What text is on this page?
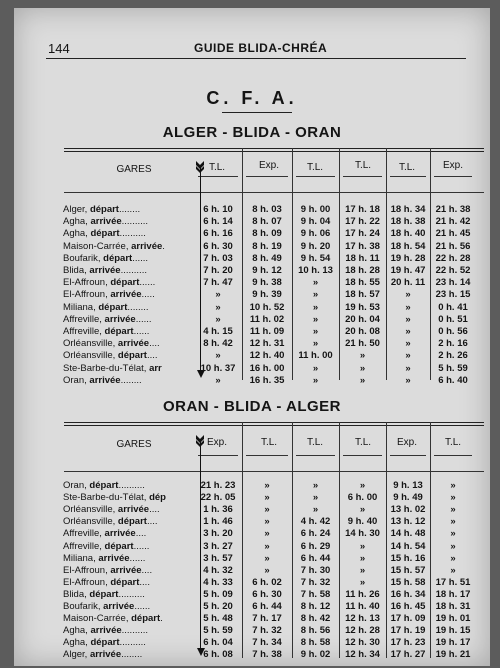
144	GUIDE BLIDA-CHRÉA
C. F. A.
ALGER - BLIDA - ORAN
GARES	T.L.	Exp.	T.L.	T.L.	T.L.	Exp.
Alger, départ........	6 h. 10	8 h. 03	9 h. 00	17 h. 18	18 h. 34	21 h. 38
Agha, arrivée..........	6 h. 14	8 h. 07	9 h. 04	17 h. 22	18 h. 38	21 h. 42
Agha, départ..........	6 h. 16	8 h. 09	9 h. 06	17 h. 24	18 h. 40	21 h. 45
Maison-Carrée, arrivée.	6 h. 30	8 h. 19	9 h. 20	17 h. 38	18 h. 54	21 h. 56
Boufarik, départ......	7 h. 03	8 h. 49	9 h. 54	18 h. 11	19 h. 28	22 h. 28
Blida, arrivée..........	7 h. 20	9 h. 12	10 h. 13	18 h. 28	19 h. 47	22 h. 52
El-Affroun, départ......	7 h. 47	9 h. 38	»	18 h. 55	20 h. 11	23 h. 14
El-Affroun, arrivée.....	»	9 h. 39	»	18 h. 57	»	23 h. 15
Miliana, départ........	»	10 h. 52	»	19 h. 53	»	0 h. 41
Affreville, arrivée......	»	11 h. 02	»	20 h. 04	»	0 h. 51
Affreville, départ......	4 h. 15	11 h. 09	»	20 h. 08	»	0 h. 56
Orléansville, arrivée....	8 h. 42	12 h. 31	»	21 h. 50	»	2 h. 16
Orléansville, départ....	»	12 h. 40	11 h. 00	»	»	2 h. 26
Ste-Barbe-du-Télat, arr	10 h. 37	16 h. 00	»	»	»	5 h. 59
Oran, arrivée........	»	16 h. 35	»	»	»	6 h. 40
ORAN - BLIDA - ALGER
GARES	Exp.	T.L.	T.L.	T.L.	Exp.	T.L.
Oran, départ..........	21 h. 23	»	»	»	9 h. 13	»
Ste-Barbe-du-Télat, dép	22 h. 05	»	»	6 h. 00	9 h. 49	»
Orléansville, arrivée....	1 h. 36	»	»	»	13 h. 02	»
Orléansville, départ....	1 h. 46	»	4 h. 42	9 h. 40	13 h. 12	»
Affreville, arrivée....	3 h. 20	»	6 h. 24	14 h. 30	14 h. 48	»
Affreville, départ......	3 h. 27	»	6 h. 29	»	14 h. 54	»
Miliana, arrivée......	3 h. 57	»	6 h. 44	»	15 h. 16	»
El-Affroun, arrivée....	4 h. 32	»	7 h. 30	»	15 h. 57	»
El-Affroun, départ....	4 h. 33	6 h. 02	7 h. 32	»	15 h. 58	17 h. 51
Blida, départ..........	5 h. 09	6 h. 30	7 h. 58	11 h. 26	16 h. 34	18 h. 17
Boufarik, arrivée......	5 h. 20	6 h. 44	8 h. 12	11 h. 40	16 h. 45	18 h. 31
Maison-Carrée, départ.	5 h. 48	7 h. 17	8 h. 42	12 h. 13	17 h. 09	19 h. 01
Agha, arrivée..........	5 h. 59	7 h. 32	8 h. 56	12 h. 28	17 h. 19	19 h. 15
Agha, départ..........	6 h. 04	7 h. 34	8 h. 58	12 h. 30	17 h. 23	19 h. 17
Alger, arrivée........	6 h. 08	7 h. 38	9 h. 02	12 h. 34	17 h. 27	19 h. 21
